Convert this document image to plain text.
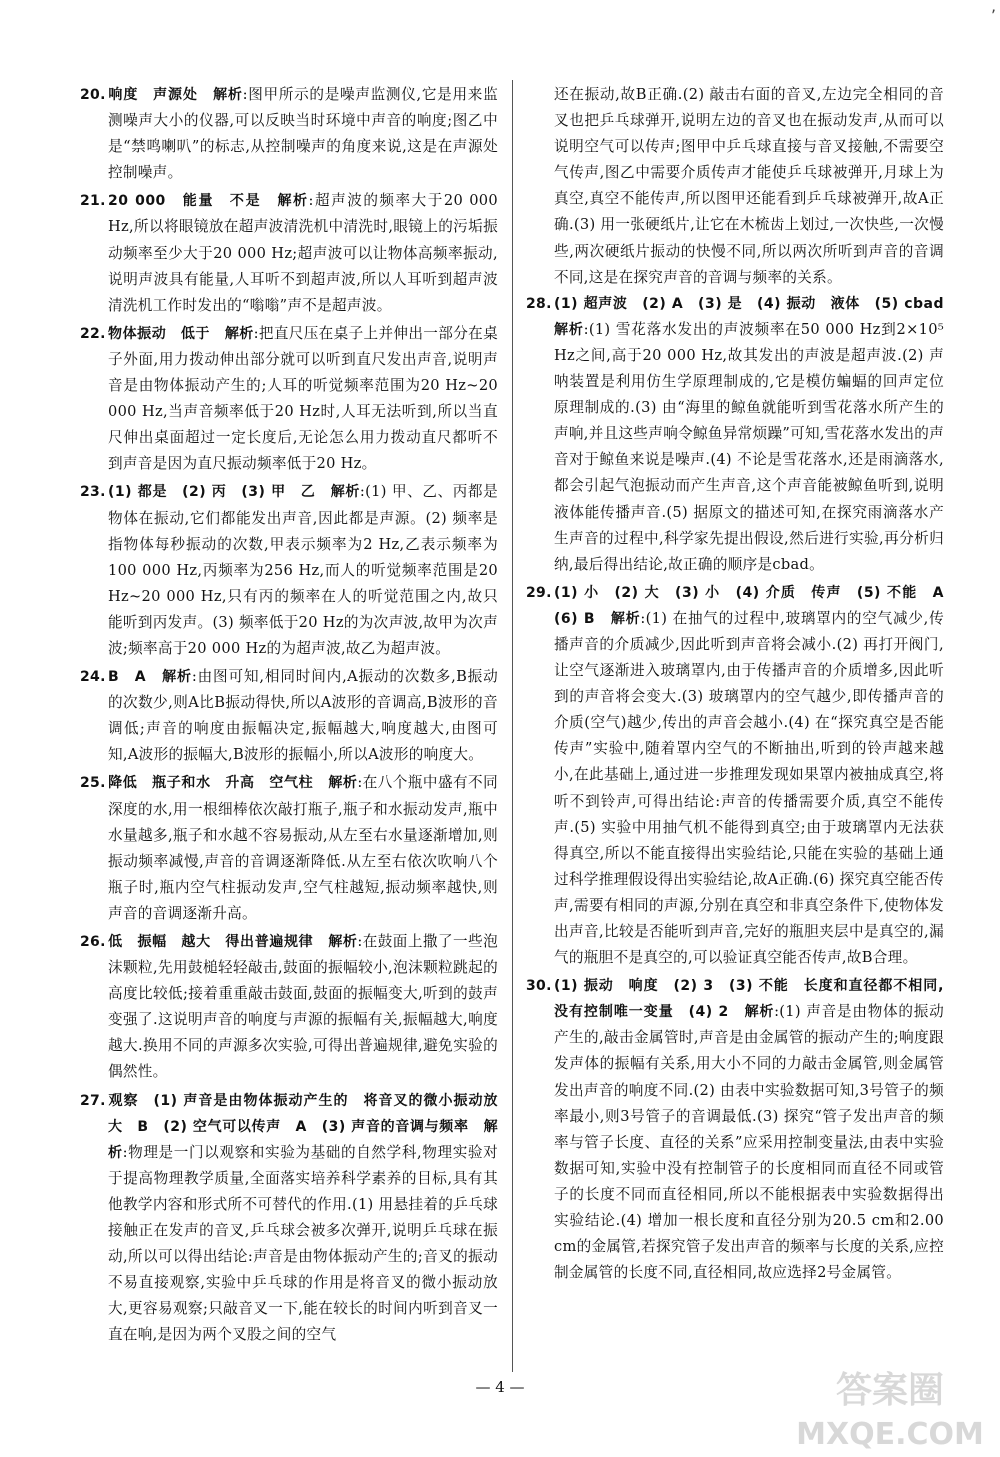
’
20. 响度　声源处　 解析:图甲所示的是噪声监测仪,它是用来监测噪声大小的仪器,可以反映当时环境中声音的响度;图乙中是“禁鸣喇叭”的标志,从控制噪声的角度来说,这是在声源处控制噪声。
21. 20 000　能量　不是　 解析:超声波的频率大于20 000 Hz,所以将眼镜放在超声波清洗机中清洗时,眼镜上的污垢振动频率至少大于20 000 Hz;超声波可以让物体高频率振动,说明声波具有能量,人耳听不到超声波,所以人耳听到超声波清洗机工作时发出的“嗡嗡”声不是超声波。
22. 物体振动　低于　 解析:把直尺压在桌子上并伸出一部分在桌子外面,用力拨动伸出部分就可以听到直尺发出声音,说明声音是由物体振动产生的;人耳的听觉频率范围为20 Hz~20 000 Hz,当声音频率低于20 Hz时,人耳无法听到,所以当直尺伸出桌面超过一定长度后,无论怎么用力拨动直尺都听不到声音是因为直尺振动频率低于20 Hz。
23. (1) 都是　(2) 丙　(3) 甲　乙　 解析:(1) 甲、乙、丙都是物体在振动,它们都能发出声音,因此都是声源。(2) 频率是指物体每秒振动的次数,甲表示频率为2 Hz,乙表示频率为100 000 Hz,丙频率为256 Hz,而人的听觉频率范围是20 Hz~20 000 Hz,只有丙的频率在人的听觉范围之内,故只能听到丙发声。(3) 频率低于20 Hz的为次声波,故甲为次声波;频率高于20 000 Hz的为超声波,故乙为超声波。
24. B　A　 解析:由图可知,相同时间内,A振动的次数多,B振动的次数少,则A比B振动得快,所以A波形的音调高,B波形的音调低;声音的响度由振幅决定,振幅越大,响度越大,由图可知,A波形的振幅大,B波形的振幅小,所以A波形的响度大。
25. 降低　瓶子和水　升高　空气柱　 解析:在八个瓶中盛有不同深度的水,用一根细棒依次敲打瓶子,瓶子和水振动发声,瓶中水量越多,瓶子和水越不容易振动,从左至右水量逐渐增加,则振动频率减慢,声音的音调逐渐降低.从左至右依次吹响八个瓶子时,瓶内空气柱振动发声,空气柱越短,振动频率越快,则声音的音调逐渐升高。
26. 低　振幅　越大　得出普遍规律　 解析:在鼓面上撒了一些泡沫颗粒,先用鼓槌轻轻敲击,鼓面的振幅较小,泡沫颗粒跳起的高度比较低;接着重重敲击鼓面,鼓面的振幅变大,听到的鼓声变强了.这说明声音的响度与声源的振幅有关,振幅越大,响度越大.换用不同的声源多次实验,可得出普遍规律,避免实验的偶然性。
27. 观察　(1) 声音是由物体振动产生的　将音叉的微小振动放大　B　(2) 空气可以传声　A　(3) 声音的音调与频率　 解析:物理是一门以观察和实验为基础的自然学科,物理实验对于提高物理教学质量,全面落实培养科学素养的目标,具有其他教学内容和形式所不可替代的作用.(1) 用悬挂着的乒乓球接触正在发声的音叉,乒乓球会被多次弹开,说明乒乓球在振动,所以可以得出结论:声音是由物体振动产生的;音叉的振动不易直接观察,实验中乒乓球的作用是将音叉的微小振动放大,更容易观察;只敲音叉一下,能在较长的时间内听到音叉一直在响,是因为两个叉股之间的空气
还在振动,故B正确.(2) 敲击右面的音叉,左边完全相同的音叉也把乒乓球弹开,说明左边的音叉也在振动发声,从而可以说明空气可以传声;图甲中乒乓球直接与音叉接触,不需要空气传声,图乙中需要介质传声才能使乒乓球被弹开,月球上为真空,真空不能传声,所以图甲还能看到乒乓球被弹开,故A正确.(3) 用一张硬纸片,让它在木梳齿上划过,一次快些,一次慢些,两次硬纸片振动的快慢不同,所以两次所听到声音的音调不同,这是在探究声音的音调与频率的关系。
28. (1) 超声波　(2) A　(3) 是　(4) 振动　液体　(5) cbad　解析:(1) 雪花落水发出的声波频率在50 000 Hz到2×10⁵ Hz之间,高于20 000 Hz,故其发出的声波是超声波.(2) 声呐装置是利用仿生学原理制成的,它是模仿蝙蝠的回声定位原理制成的.(3) 由“海里的鲸鱼就能听到雪花落水所产生的声响,并且这些声响令鲸鱼异常烦躁”可知,雪花落水发出的声音对于鲸鱼来说是噪声.(4) 不论是雪花落水,还是雨滴落水,都会引起气泡振动而产生声音,这个声音能被鲸鱼听到,说明液体能传播声音.(5) 据原文的描述可知,在探究雨滴落水产生声音的过程中,科学家先提出假设,然后进行实验,再分析归纳,最后得出结论,故正确的顺序是cbad。
29. (1) 小　(2) 大　(3) 小　(4) 介质　传声　(5) 不能　A　(6) B　 解析:(1) 在抽气的过程中,玻璃罩内的空气减少,传播声音的介质减少,因此听到声音将会减小.(2) 再打开阀门,让空气逐渐进入玻璃罩内,由于传播声音的介质增多,因此听到的声音将会变大.(3) 玻璃罩内的空气越少,即传播声音的介质(空气)越少,传出的声音会越小.(4) 在“探究真空是否能传声”实验中,随着罩内空气的不断抽出,听到的铃声越来越小,在此基础上,通过进一步推理发现如果罩内被抽成真空,将听不到铃声,可得出结论:声音的传播需要介质,真空不能传声.(5) 实验中用抽气机不能得到真空;由于玻璃罩内无法获得真空,所以不能直接得出实验结论,只能在实验的基础上通过科学推理假设得出实验结论,故A正确.(6) 探究真空能否传声,需要有相同的声源,分别在真空和非真空条件下,使物体发出声音,比较是否能听到声音,完好的瓶胆夹层中是真空的,漏气的瓶胆不是真空的,可以验证真空能否传声,故B合理。
30. (1) 振动　响度　(2) 3　(3) 不能　长度和直径都不相同,没有控制唯一变量　(4) 2　 解析:(1) 声音是由物体的振动产生的,敲击金属管时,声音是由金属管的振动产生的;响度跟发声体的振幅有关系,用大小不同的力敲击金属管,则金属管发出声音的响度不同.(2) 由表中实验数据可知,3号管子的频率最小,则3号管子的音调最低.(3) 探究“管子发出声音的频率与管子长度、直径的关系”应采用控制变量法,由表中实验数据可知,实验中没有控制管子的长度相同而直径不同或管子的长度不同而直径相同,所以不能根据表中实验数据得出实验结论.(4) 增加一根长度和直径分别为20.5 cm和2.00 cm的金属管,若探究管子发出声音的频率与长度的关系,应控制金属管的长度不同,直径相同,故应选择2号金属管。
— 4 —	答案圈
MXQE.COM
